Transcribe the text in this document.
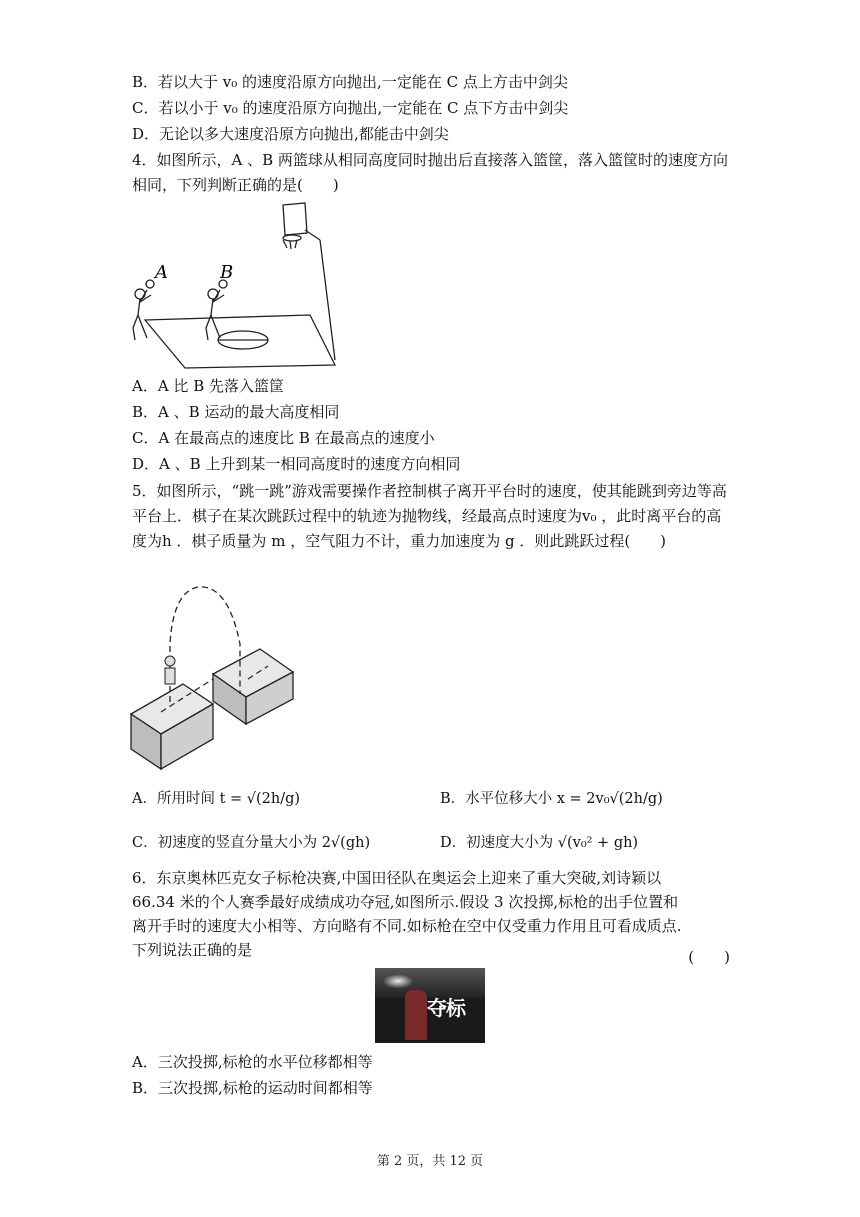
B．若以大于 v₀ 的速度沿原方向抛出,一定能在 C 点上方击中剑尖
C．若以小于 v₀ 的速度沿原方向抛出,一定能在 C 点下方击中剑尖
D．无论以多大速度沿原方向抛出,都能击中剑尖
4．如图所示，A 、B 两篮球从相同高度同时抛出后直接落入篮筐，落入篮筐时的速度方向相同，下列判断正确的是(　　)
A	B
A．A 比 B 先落入篮筐
B．A 、B 运动的最大高度相同
C．A 在最高点的速度比 B 在最高点的速度小
D．A 、B 上升到某一相同高度时的速度方向相同
5．如图所示，“跳一跳”游戏需要操作者控制棋子离开平台时的速度，使其能跳到旁边等高平台上．棋子在某次跳跃过程中的轨迹为抛物线，经最高点时速度为v₀ ，此时离平台的高度为h ．棋子质量为 m ，空气阻力不计，重力加速度为 g ．则此跳跃过程(　　)
A．所用时间 t = √(2h/g)	B．水平位移大小 x = 2v₀√(2h/g)
C．初速度的竖直分量大小为 2√(gh)	D．初速度大小为 √(v₀² + gh)
6．东京奥林匹克女子标枪决赛,中国田径队在奥运会上迎来了重大突破,刘诗颖以66.34 米的个人赛季最好成绩成功夺冠,如图所示.假设 3 次投掷,标枪的出手位置和离开手时的速度大小相等、方向略有不同.如标枪在空中仅受重力作用且可看成质点.下列说法正确的是	(　　)
夺标
A．三次投掷,标枪的水平位移都相等
B．三次投掷,标枪的运动时间都相等
第 2 页，共 12 页
